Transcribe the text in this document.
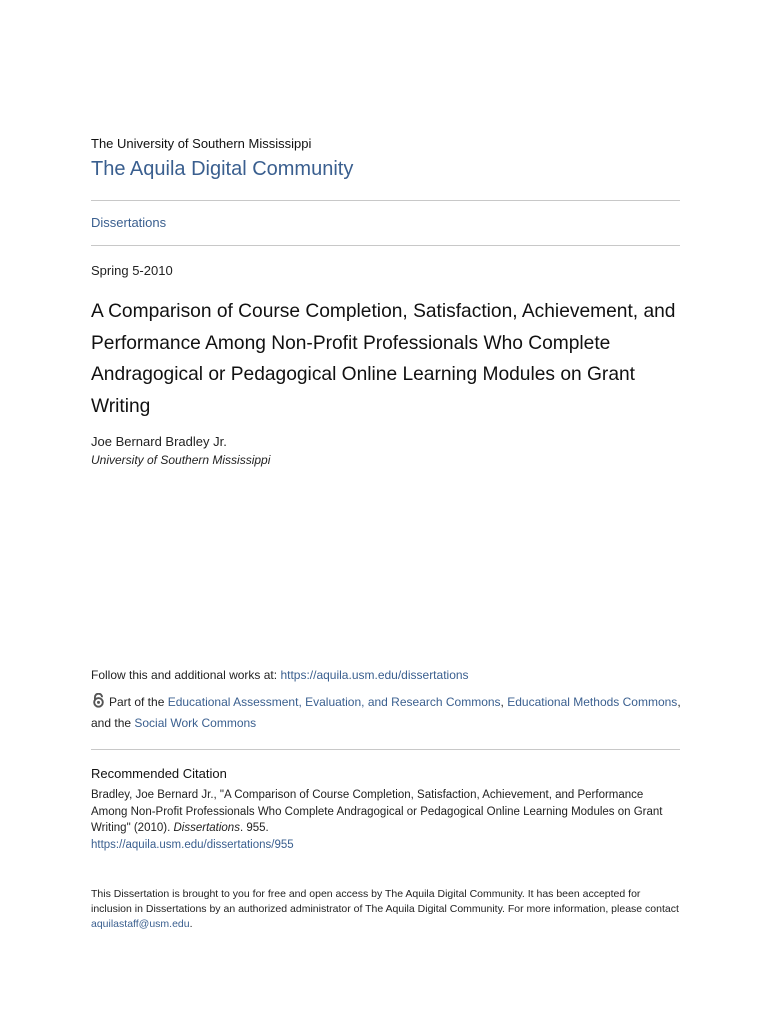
The University of Southern Mississippi
The Aquila Digital Community
Dissertations
Spring 5-2010
A Comparison of Course Completion, Satisfaction, Achievement, and Performance Among Non-Profit Professionals Who Complete Andragogical or Pedagogical Online Learning Modules on Grant Writing
Joe Bernard Bradley Jr.
University of Southern Mississippi
Follow this and additional works at: https://aquila.usm.edu/dissertations
Part of the Educational Assessment, Evaluation, and Research Commons, Educational Methods Commons, and the Social Work Commons
Recommended Citation
Bradley, Joe Bernard Jr., "A Comparison of Course Completion, Satisfaction, Achievement, and Performance Among Non-Profit Professionals Who Complete Andragogical or Pedagogical Online Learning Modules on Grant Writing" (2010). Dissertations. 955.
https://aquila.usm.edu/dissertations/955
This Dissertation is brought to you for free and open access by The Aquila Digital Community. It has been accepted for inclusion in Dissertations by an authorized administrator of The Aquila Digital Community. For more information, please contact aquilastaff@usm.edu.
